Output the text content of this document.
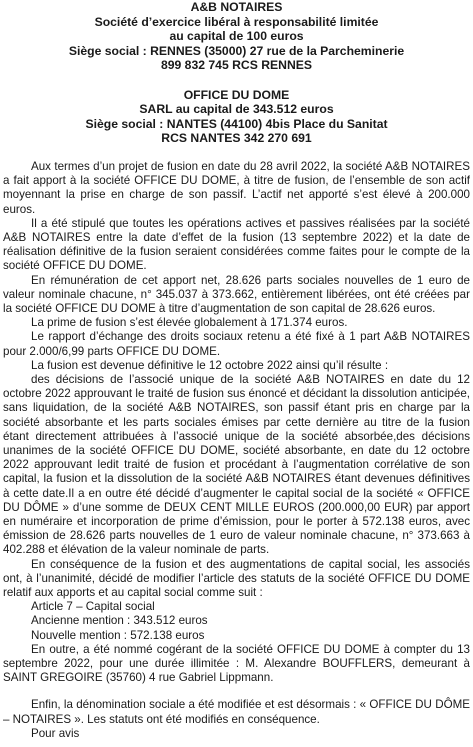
A&B NOTAIRES
Société d’exercice libéral à responsabilité limitée
au capital de 100 euros
Siège social : RENNES (35000) 27 rue de la Parcheminerie
899 832 745 RCS RENNES
OFFICE DU DOME
SARL au capital de 343.512 euros
Siège social : NANTES (44100) 4bis Place du Sanitat
RCS NANTES 342 270 691

Aux termes d’un projet de fusion en date du 28 avril 2022, la société A&B NOTAIRES a fait apport à la société OFFICE DU DOME, à titre de fusion, de l’ensemble de son actif moyennant la prise en charge de son passif. L’actif net apporté s’est élevé à 200.000 euros.

Il a été stipulé que toutes les opérations actives et passives réalisées par la société A&B NOTAIRES entre la date d’effet de la fusion (13 septembre 2022) et la date de réalisation définitive de la fusion seraient considérées comme faites pour le compte de la société OFFICE DU DOME.

En rémunération de cet apport net, 28.626 parts sociales nouvelles de 1 euro de valeur nominale chacune, n° 345.037 à 373.662, entièrement libérées, ont été créées par la société OFFICE DU DOME à titre d’augmentation de son capital de 28.626 euros.

La prime de fusion s’est élevée globalement à 171.374 euros.

Le rapport d’échange des droits sociaux retenu a été fixé à 1 part A&B NOTAIRES pour 2.000/6,99 parts OFFICE DU DOME.

La fusion est devenue définitive le 12 octobre 2022 ainsi qu’il résulte :

des décisions de l’associé unique de la société A&B NOTAIRES en date du 12 octobre 2022 approuvant le traité de fusion sus énoncé et décidant la dissolution anticipée, sans liquidation, de la société A&B NOTAIRES, son passif étant pris en charge par la société absorbante et les parts sociales émises par cette dernière au titre de la fusion étant directement attribuées à l’associé unique de la société absorbée,des décisions unanimes de la société OFFICE DU DOME, société absorbante, en date du 12 octobre 2022 approuvant ledit traité de fusion et procédant à l’augmentation corrélative de son capital, la fusion et la dissolution de la société A&B NOTAIRES étant devenues définitives à cette date.Il a en outre été décidé d’augmenter le capital social de la société « OFFICE DU DÔME » d’une somme de DEUX CENT MILLE EUROS (200.000,00 EUR) par apport en numéraire et incorporation de prime d’émission, pour le porter à 572.138 euros, avec émission de 28.626 parts nouvelles de 1 euro de valeur nominale chacune, n° 373.663 à 402.288 et élévation de la valeur nominale de parts.

En conséquence de la fusion et des augmentations de capital social, les associés ont, à l’unanimité, décidé de modifier l’article des statuts de la société OFFICE DU DOME relatif aux apports et au capital social comme suit :

Article 7 – Capital social

Ancienne mention : 343.512 euros

Nouvelle mention : 572.138 euros

En outre, a été nommé cogérant de la société OFFICE DU DOME à compter du 13 septembre 2022, pour une durée illimitée : M. Alexandre BOUFFLERS, demeurant à SAINT GREGOIRE (35760) 4 rue Gabriel Lippmann.

Enfin, la dénomination sociale a été modifiée et est désormais : « OFFICE DU DÔME – NOTAIRES ». Les statuts ont été modifiés en conséquence.

Pour avis
